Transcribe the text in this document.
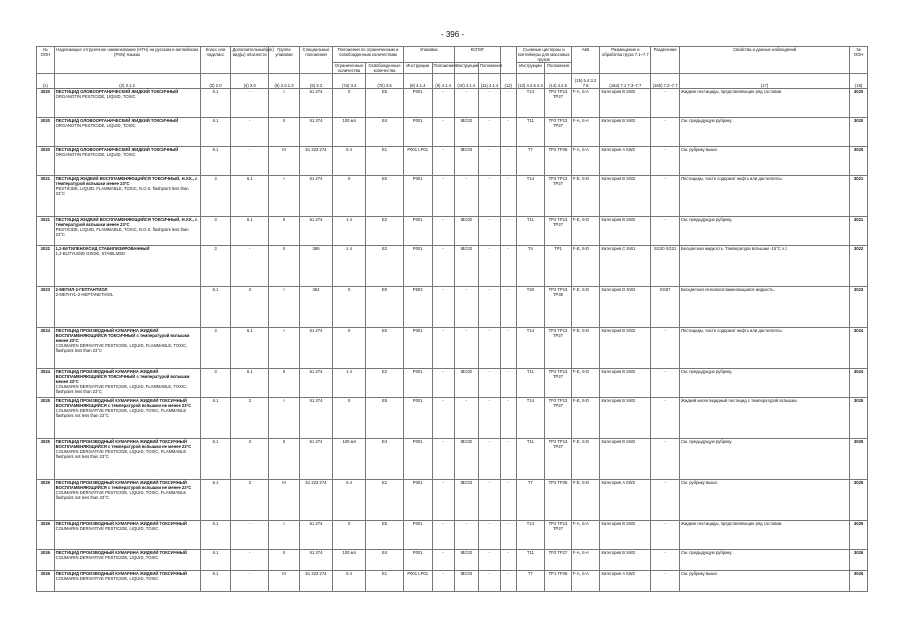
- 396 -
№ ООН	Надлежащее отгрузочное наименование (НТН) на русском и английском (PSN) языках	Класс или подкласс	Дополнительный(ые) вид(ы) опасности	Группа упаковки	Специальные положения	Положения по ограниченным и освобожденным количествам		Упаковка		КСГМГ			Съемные цистерны и контейнеры для массовых грузов		АвК	Размещение и обработка груза 7.1–7.7	Разделение	Свойства и данные наблюдений	№ ООН
						Ограниченные количества	Освобожденные количества	Инструкции	Положения	Инструкции	Положения		Инструкции	Положения					
(1)	(2) 3.1.2	(3) 2.0	(4) 2.0	(5) 2.0.1.3	(6) 3.3	(7a) 3.4	(7b) 3.5	(8) 4.1.4	(9) 4.1.4	(10) 4.1.4	(11) 4.1.4	(12)	(13) 4.2.5 4.3	(14) 4.2.5	(15) 5.4.3.2 7.8	(16a) 7.1 7.3–7.7	(16b) 7.2–7.7	(17)	(18)
3020	ПЕСТИЦИД ОЛОВООРГАНИЧЕСКИЙ ЖИДКИЙ ТОКСИЧНЫЙ
ORGANOTIN PESTICIDE, LIQUID, TOXIC	6.1	-	I	61 274	0	E5	P001	-	-	-	-	T14	TP2 TP13 TP27	F-A, S-A	Категория B SW2	-	Жидкие пестициды, представляющие ряд составов	3020
3020	ПЕСТИЦИД ОЛОВООРГАНИЧЕСКИЙ ЖИДКИЙ ТОКСИЧНЫЙ
ORGANOTIN PESTICIDE, LIQUID, TOXIC	6.1	-	II	61 274	100 мл	E4	P001	-	IBC02	-	-	T11	TP2 TP13 TP27	F-A, S-A	Категория B SW2	-	См. предыдущую рубрику.	3020
3020	ПЕСТИЦИД ОЛОВООРГАНИЧЕСКИЙ ЖИДКИЙ ТОКСИЧНЫЙ
ORGANOTIN PESTICIDE, LIQUID, TOXIC	6.1	-	III	61 223 274	5 л	E1	P001 LP01	-	IBC03	-	-	T7	TP2 TP28	F-A, S-A	Категория A SW2	-	См. рубрику выше.	3020
3021	ПЕСТИЦИД ЖИДКИЙ ВОСПЛАМЕНЯЮЩИЙСЯ ТОКСИЧНЫЙ, Н.У.К., с температурой вспышки менее 23°C
PESTICIDE, LIQUID, FLAMMABLE, TOXIC, N.O.S. flashpoint less than 23°C	3	6.1	I	61 274	0	E0	P001	-	-	-	-	T14	TP2 TP13 TP27	F-E, S-D	Категория B SW2	-	Пестициды, часто содержат нефть или дистилляты.	3021
3021	ПЕСТИЦИД ЖИДКИЙ ВОСПЛАМЕНЯЮЩИЙСЯ ТОКСИЧНЫЙ, Н.У.К., с температурой вспышки менее 23°C
PESTICIDE, LIQUID, FLAMMABLE, TOXIC, N.O.S. flashpoint less than 23°C	3	6.1	II	61 274	1 л	E2	P001	-	IBC02	-	-	T11	TP2 TP13 TP27	F-E, S-D	Категория B SW2	-	См. предыдущую рубрику.	3021
3022	1,2-БУТИЛЕНОКСИД СТАБИЛИЗИРОВАННЫЙ
1,2-BUTYLENE OXIDE, STABILIZED	3	-	II	386	1 л	E2	P001	-	IBC02	-	-	T4	TP1	F-E, S-D	Категория C SW1	SG20 SG21	Бесцветная жидкость. Температура вспышки -15°C з.т.	3022
3023	2-МЕТИЛ-2-ГЕПТАНТИОЛ
2-METHYL-2-HEPTANETHIOL	6.1	3	I	354	0	E0	P602	-	-	-	-	T20	TP2 TP13 TP35	F-E, S-D	Категория D SW2	SG57	Бесцветная легковоспламеняющаяся жидкость.	3023
3024	ПЕСТИЦИД ПРОИЗВОДНЫЙ КУМАРИНА ЖИДКИЙ ВОСПЛАМЕНЯЮЩИЙСЯ ТОКСИЧНЫЙ с температурой вспышки менее 23°C
COUMARIN DERIVATIVE PESTICIDE, LIQUID, FLAMMABLE, TOXIC, flashpoint less than 23°C	3	6.1	I	61 274	0	E0	P001	-	-	-	-	T14	TP2 TP13 TP27	F-E, S-D	Категория B SW2	-	Пестициды, часто содержат нефть или дистилляты.	3024
3024	ПЕСТИЦИД ПРОИЗВОДНЫЙ КУМАРИНА ЖИДКИЙ ВОСПЛАМЕНЯЮЩИЙСЯ ТОКСИЧНЫЙ с температурой вспышки менее 23°C
COUMARIN DERIVATIVE PESTICIDE, LIQUID, FLAMMABLE, TOXIC, flashpoint less than 23°C	3	6.1	II	61 274	1 л	E2	P001	-	IBC02	-	-	T11	TP2 TP13 TP27	F-E, S-D	Категория B SW2	-	См. предыдущую рубрику.	3024
3025	ПЕСТИЦИД ПРОИЗВОДНЫЙ КУМАРИНА ЖИДКИЙ ТОКСИЧНЫЙ ВОСПЛАМЕНЯЮЩИЙСЯ с температурой вспышки не менее 23°C
COUMARIN DERIVATIVE PESTICIDE, LIQUID, TOXIC, FLAMMABLE flashpoint not less than 23°C	6.1	3	I	61 274	0	E5	P001	-	-	-	-	T14	TP2 TP13 TP27	F-E, S-D	Категория B SW2	-	Жидкий инсектицидный пестицид с температурой вспышки.	3025
3025	ПЕСТИЦИД ПРОИЗВОДНЫЙ КУМАРИНА ЖИДКИЙ ТОКСИЧНЫЙ ВОСПЛАМЕНЯЮЩИЙСЯ с температурой вспышки не менее 23°C
COUMARIN DERIVATIVE PESTICIDE, LIQUID, TOXIC, FLAMMABLE flashpoint not less than 23°C	6.1	3	II	61 274	100 мл	E4	P001	-	IBC02	-	-	T11	TP2 TP13 TP27	F-E, S-D	Категория B SW2	-	См. предыдущую рубрику.	3025
3025	ПЕСТИЦИД ПРОИЗВОДНЫЙ КУМАРИНА ЖИДКИЙ ТОКСИЧНЫЙ ВОСПЛАМЕНЯЮЩИЙСЯ с температурой вспышки не менее 23°C
COUMARIN DERIVATIVE PESTICIDE, LIQUID, TOXIC, FLAMMABLE flashpoint not less than 23°C	6.1	3	III	61 223 274	5 л	E1	P001	-	IBC03	-	-	T7	TP2 TP28	F-E, S-D	Категория A SW2	-	См. рубрику выше.	3025
3026	ПЕСТИЦИД ПРОИЗВОДНЫЙ КУМАРИНА ЖИДКИЙ ТОКСИЧНЫЙ
COUMARIN DERIVATIVE PESTICIDE, LIQUID, TOXIC	6.1	-	I	61 274	0	E5	P001	-	-	-	-	T14	TP2 TP13 TP27	F-A, S-A	Категория B SW2	-	Жидкие пестициды, представляющие ряд составов.	3026
3026	ПЕСТИЦИД ПРОИЗВОДНЫЙ КУМАРИНА ЖИДКИЙ ТОКСИЧНЫЙ
COUMARIN DERIVATIVE PESTICIDE, LIQUID, TOXIC	6.1	-	II	61 274	100 мл	E4	P001	-	IBC02	-	-	T11	TP2 TP27	F-A, S-A	Категория B SW2	-	См. предыдущую рубрику.	3026
3026	ПЕСТИЦИД ПРОИЗВОДНЫЙ КУМАРИНА ЖИДКИЙ ТОКСИЧНЫЙ
COUMARIN DERIVATIVE PESTICIDE, LIQUID, TOXIC	6.1	-	III	61 223 274	5 л	E1	P001 LP01	-	IBC03	-	-	T7	TP1 TP28	F-A, S-A	Категория A SW2	-	См. рубрику выше.	3026
